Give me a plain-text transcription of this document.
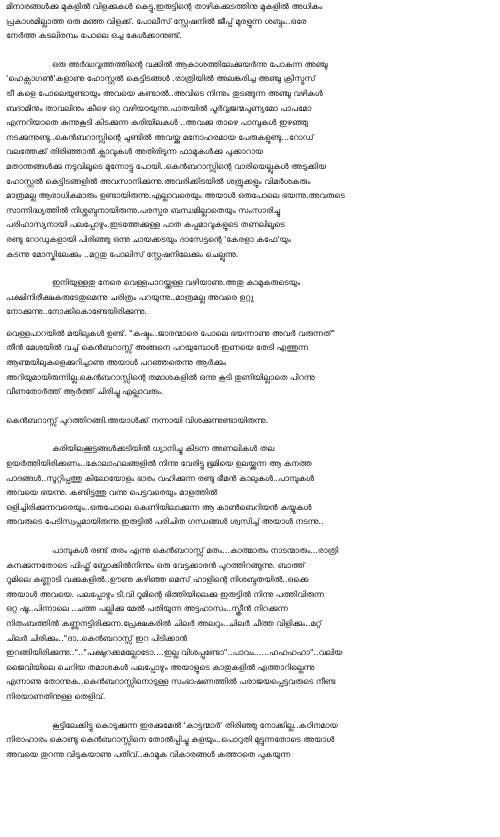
മിനാരങ്ങൾക്കു മുകളിൽ വിളക്കുകൾ കെട്ടു.ഇരുട്ടിന്റെ താഴികക്കുടത്തിനു മുകളിൽ അധികം
പ്രകാശമില്ലാത്ത ഒരു മഞ്ഞ വിളക്ക്. പോലീസ് സ്റ്റേഷനിൽ ജീപ്പ് മുരളുന്ന ശബ്ദം..ഒരേ
നേർത്ത കടലിരമ്പം പോലെ ഒച്ച കേൾക്കാനുണ്ട്.
ഒരു അർദ്ധവൃത്തത്തിന്റെ വക്കിൽ ആകാശത്തിലേക്കുയർന്നു പോകുന്ന അഞ്ചു
'ഹെക്സാഗൺ'കളാണു ഹോസ്റ്റൽ കെട്ടിടങ്ങൾ .രാത്രിയിൽ അലങ്കരിച്ച അഞ്ചു ക്രിസ്മസ്
ട്രീ കളെ പോലെയുണ്ടായും അവയെ കണ്ടാൽ..അവിടെ നിന്നും തുടങ്ങുന്ന അഞ്ചു വഴികൾ
ബദാമിനും താവലിനും കീഴെ ഒറ്റ വഴിയായുന്നു.പാതയിൽ പൂർവ്വജന്മപുണ്യമോ പാപമോ
എന്നറിയാതെ കുന്നുകൂടി കിടക്കുന്ന കരിയിലകൾ ..അവക്കു താഴെ പാമ്പുകൾ ഇഴഞ്ഞു
നടക്കുന്നുണ്ടു..കെൻബറാസ്സിന്റെ ചുണ്ടിൽ അവയ്ക്കു മനോഹരമായ പേരുകളുണ്ടു...റോഡ്
വലത്തേക്ക് തിരിഞ്ഞാൽ ക്ലാവുകൾ അതിരിടുന്ന ഫാമുകൾക്കു പുക്കാറായ
മതാന്തങ്ങൾക്കു നടുവിലൂടെ മുന്നോട്ടു പോയി..കെൻബറാസ്സിന്റെ വാരിയെല്ലുകൾ അടുക്കിയ
ഹോസ്റ്റൽ കെട്ടിടങ്ങളിൽ അവസാനിക്കുന്നു.അവരിക്കിടയിൽ ശത്രുക്കളും വിമർശകരും
മാത്രമല്ല ആരാധികമാരും ഉണ്ടായിരുന്നു.എല്ലാവരെയും അയാൾ ഒരുപോലെ ഭയന്നു.അവരുടെ
സാന്നിദ്ധ്യത്തിൽ നിശ്ശബ്ദനായിരുന്നു.പരസ്പര ബന്ധമില്ലാതെയും സംസാരിച്ചു
പരിഹാസ്യനായി പലപ്പോഴും.ഇടത്തേക്കുള്ള പാത കപ്പമാവുകളുടെ തണലിലൂടെ
രണ്ടു റോഡുകളായി പിരിഞ്ഞു ഒന്നു ചായക്കടയും ദാസേട്ടന്റെ 'കേരളാ കഫേ'യും
കടന്നു മോസ്കിലേക്കും ..മറ്റതു പോലിസ് സ്റ്റേഷനിലേക്കും ചെല്ലുന്നു.
ഇനിയുള്ളതു നേരെ വെള്ളപാറയ്ക്കുള്ള വഴിയാണു.അതു കാമുകരുടെയും
പക്ഷിനിരീക്ഷകരുടേതുമെന്നു ചരിത്രം പറയുന്നു..മാത്രമല്ല അവരെ ഉറ്റു
നോക്കുന്നു..നോക്കികൊണ്ടേയിരിക്കുന്നു.
വെള്ളപാറയിൽ മയിലുകൾ ഉണ്ട്. "കഷ്ടം..ജാരന്മാരെ പോലെ ഭയന്നാണു അവർ വരുന്നത്"
തീൻ മേശയിൽ വച്ച് കെൻബറാസ്സ് അങ്ങനെ പറയുമ്പോൾ ഇണയെ തേടി എത്തുന്ന
ആണ്മയിലുകളെക്കുറിച്ചാണു അയാൾ പറഞ്ഞതെന്നു ആർക്കും
അറിയുമായിരുന്നില്ല.കെൻബറാസ്സിന്റെ തമാശകളിൽ ഒന്നു കൂടി തുണിയില്ലാതെ പിറന്നു
വീണതോർത്ത് ആർത്ത് ചിരിച്ചു എല്ലാവരും.
കെൻബറാസ്സ് പുറത്തിറങ്ങി.അയാൾക്ക് നന്നായി വിശക്കുന്നുണ്ടായിരുന്നു.
കരിയിലക്കൂട്ടങ്ങൾക്കടിയിൽ ധ്യാനിച്ചു കിടന്ന അണലികൾ തല
ഉയർത്തിയിരിക്കണം..കോലാഹലങ്ങളിൽ നിന്നു വേരിട്ടു ഭൂമിയെ ഉലയ്ക്കുന്ന ആ കനത്ത
പാദങ്ങൾ..സൂറ്റിപ്പത്തു കിലോയോളം ഭാരം വഹിക്കുന്ന രണ്ടു ഭീമൻ കാലുകൾ..പാമ്പുകൾ
അവയെ ഭയന്നു. കണ്ടിട്ടത്തു വന്നു പെട്ടവരെയും മാളത്തിൽ
ഒളിച്ചിരിക്കുന്നവരെയും..ഒരുപോലെ കെണിയിലാക്കുന്ന ആ കാൺബെറിയൻ കയ്യുകൾ
അവരുടെ പേടിസ്വപ്നമായിരുന്നു.ഇരുട്ടിൽ പരിചിത ഗന്ധങ്ങൾ ശ്വസിച്ച് അയാൾ നടന്നു..
പാമ്പുകൾ രണ്ട് തരം എന്നു കെൻബറാസ്സ് മതം...കാത്മാരും നാടന്മാരും...രാത്രി
കനക്കുന്നതോടെ ഫിഫ്ത് ബ്ലോക്കിൽനിന്നും ഒരു വേട്ടക്കാരൻ പുറത്തിറങ്ങുന്നു. ബാത്ത്
റൂമിലെ കണ്ണാടി വക്കുകളിൽ..ഊണു കഴിഞ്ഞ മെസ് ഹാളിന്റെ നിശബ്ദതയിൽ..ഒക്കെ
അയാൾ അവയെ. പലപ്പോഴും ടി.വി റൂമിന്റെ ഭിത്തിയിലെക്കു ഇരുട്ടിൽ നിന്നു പത്തിവിരുന്ന
ഒറ്റ ഷൂ..പിന്നാലെ ..ചത്ത പല്ലിക്കു മേൽ പതിയുന്ന അട്ടഹാസം..സ്ക്രീൻ നിറക്കുന്ന
നിതംബത്തിൽ കണ്ണുനട്ടിരിക്കുന്ന.പ്രേക്ഷകരിൽ ചിലർ അലറും..ചിലർ ചീത്ത വിളിക്കും..മറ്റ്
ചിലർ ചിരിക്കും.."ദാ..കെൻബറാസ്സ് ഇറ പിടിക്കാൻ
ഇറങ്ങിയിരിക്കുന്നു..".."പക്ഷുറക്കമല്ലോടോ....ഇല്ല വിശപ്പുണ്ടോ"..പാവം......ഹഹഹഹാ"..വലിയ
ജൈവിയിലെ ചെറിയ തമാശകൾ പലപ്പോഴും അയാളുടെ കാതുകളിൽ എത്താറില്ലെന്നു
എന്നാണു തോന്നുക..കെൻബറാസ്സിനൊടുള്ള സംഭാഷണത്തിൽ പരാജയപ്പെട്ടവരുടെ നീണ്ട
നിരയാണതിനുള്ള തെളിവ്.
കൂട്ടിലേക്കിട്ടു കൊടുക്കുന്ന ഇരക്കുമേൽ 'കാട്ടന്മാർ' തിരിഞ്ഞു നോക്കില്ല..കഠിനമായ
നിരാഹാരം കൊണ്ടു കെൻബറാസ്സിനെ തോൽപ്പിച്ചു കളയും..പൊറുതി മുട്ടുന്നതോടെ അയാൾ
അവയെ തുറന്നു വിടുകയാണു പതിവ്..കാമുക വികാരങ്ങൾ കത്താതെ പുകയുന്ന
